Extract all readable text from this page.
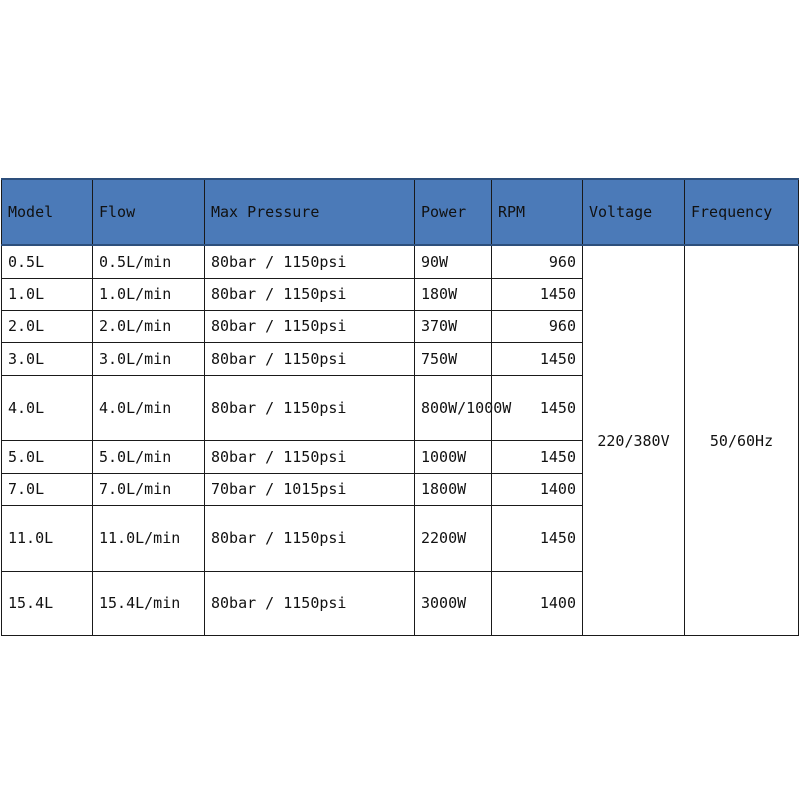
Model	Flow	Max Pressure	Power	RPM	Voltage	Frequency
0.5L	0.5L/min	80bar / 1150psi	90W	960	220/380V	50/60Hz
1.0L	1.0L/min	80bar / 1150psi	180W	1450		
2.0L	2.0L/min	80bar / 1150psi	370W	960		
3.0L	3.0L/min	80bar / 1150psi	750W	1450		
4.0L	4.0L/min	80bar / 1150psi	800W/1000W	1450		
5.0L	5.0L/min	80bar / 1150psi	1000W	1450		
7.0L	7.0L/min	70bar / 1015psi	1800W	1400		
11.0L	11.0L/min	80bar / 1150psi	2200W	1450		
15.4L	15.4L/min	80bar / 1150psi	3000W	1400		
